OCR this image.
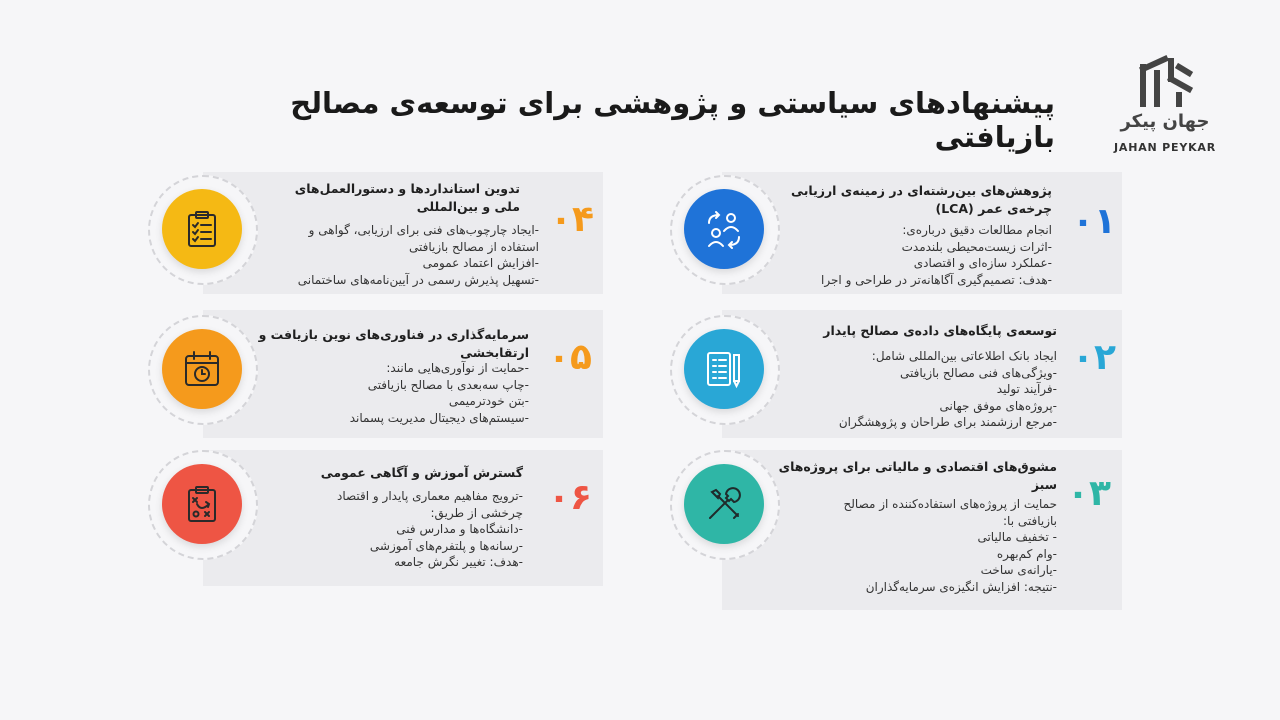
پیشنهادهای سیاستی و پژوهشی برای توسعه‌ی مصالح بازیافتی	جهان پیکر
JAHAN PEYKAR
پژوهش‌های بین‌رشته‌ای در زمینه‌ی ارزیابی
چرخه‌ی عمر (LCA)
انجام مطالعات دقیق درباره‌ی:
-اثرات زیست‌محیطی بلندمدت
-عملکرد سازه‌ای و اقتصادی
-هدف: تصمیم‌گیری آگاهانه‌تر در طراحی و اجرا
۰۱
توسعه‌ی پایگاه‌های داده‌ی مصالح پایدار
ایجاد بانک اطلاعاتی بین‌المللی شامل:
-ویژگی‌های فنی مصالح بازیافتی
-فرآیند تولید
-پروژه‌های موفق جهانی
-مرجع ارزشمند برای طراحان و پژوهشگران
۰۲
مشوق‌های اقتصادی و مالیاتی برای پروژه‌های
سبز
حمایت از پروژه‌های استفاده‌کننده از مصالح
بازیافتی با:
- تخفیف مالیاتی
-وام کم‌بهره
-یارانه‌ی ساخت
-نتیجه: افزایش انگیزه‌ی سرمایه‌گذاران
۰۳
تدوین استانداردها و دستورالعمل‌های
ملی و بین‌المللی
-ایجاد چارچوب‌های فنی برای ارزیابی، گواهی و
استفاده از مصالح بازیافتی
-افزایش اعتماد عمومی
-تسهیل پذیرش رسمی در آیین‌نامه‌های ساختمانی
۰۴
سرمایه‌گذاری در فناوری‌های نوین بازیافت و
ارتقابخشی
-حمایت از نوآوری‌هایی مانند:
-چاپ سه‌بعدی با مصالح بازیافتی
-بتن خودترمیمی
-سیستم‌های دیجیتال مدیریت پسماند
۰۵
گسترش آموزش و آگاهی عمومی
-ترویج مفاهیم معماری پایدار و اقتصاد
چرخشی از طریق:
-دانشگاه‌ها و مدارس فنی
-رسانه‌ها و پلتفرم‌های آموزشی
-هدف: تغییر نگرش جامعه
۰۶
